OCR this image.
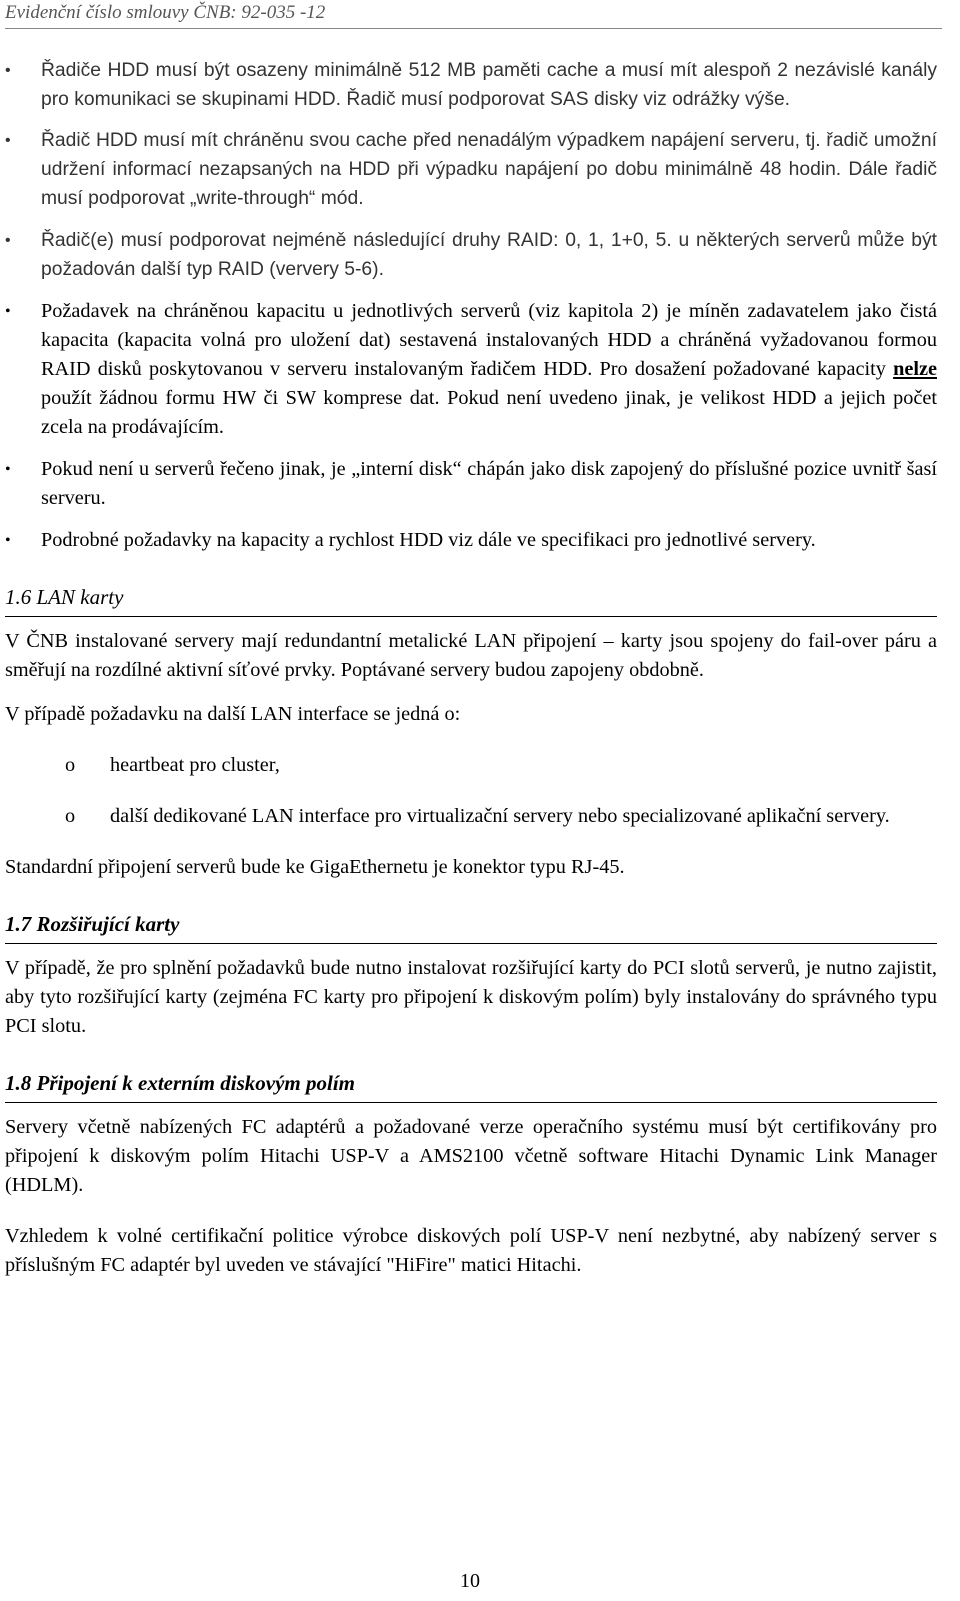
Evidenční číslo smlouvy ČNB: 92-035 -12
• Řadiče HDD musí být osazeny minimálně 512 MB paměti cache a musí mít alespoň 2 nezávislé kanály pro komunikaci se skupinami HDD. Řadič musí podporovat SAS disky viz odrážky výše.
• Řadič HDD musí mít chráněnu svou cache před nenadálým výpadkem napájení serveru, tj. řadič umožní udržení informací nezapsaných na HDD při výpadku napájení po dobu minimálně 48 hodin. Dále řadič musí podporovat „write-through“ mód.
• Řadič(e) musí podporovat nejméně následující druhy RAID: 0, 1, 1+0, 5. u některých serverů může být požadován další typ RAID (ververy 5-6).
• Požadavek na chráněnou kapacitu u jednotlivých serverů (viz kapitola 2) je míněn zadavatelem jako čistá kapacita (kapacita volná pro uložení dat) sestavená instalovaných HDD a chráněná vyžadovanou formou RAID disků poskytovanou v serveru instalovaným řadičem HDD. Pro dosažení požadované kapacity nelze použít žádnou formu HW či SW komprese dat. Pokud není uvedeno jinak, je velikost HDD a jejich počet zcela na prodávajícím.
• Pokud není u serverů řečeno jinak, je „interní disk“ chápán jako disk zapojený do příslušné pozice uvnitř šasí serveru.
• Podrobné požadavky na kapacity a rychlost HDD viz dále ve specifikaci pro jednotlivé servery.
1.6 LAN karty

V ČNB instalované servery mají redundantní metalické LAN připojení – karty jsou spojeny do fail-over páru a směřují na rozdílné aktivní síťové prvky. Poptávané servery budou zapojeny obdobně.

V případě požadavku na další LAN interface se jedná o:

o heartbeat pro cluster,
o další dedikované LAN interface pro virtualizační servery nebo specializované aplikační servery.

Standardní připojení serverů bude ke GigaEthernetu je konektor typu RJ-45.

1.7 Rozšiřující karty

V případě, že pro splnění požadavků bude nutno instalovat rozšiřující karty do PCI slotů serverů, je nutno zajistit, aby tyto rozšiřující karty (zejména FC karty pro připojení k diskovým polím) byly instalovány do správného typu PCI slotu.

1.8 Připojení k externím diskovým polím

Servery včetně nabízených FC adaptérů a požadované verze operačního systému musí být certifikovány pro připojení k diskovým polím Hitachi USP-V a AMS2100 včetně software Hitachi Dynamic Link Manager (HDLM).

Vzhledem k volné certifikační politice výrobce diskových polí USP-V není nezbytné, aby nabízený server s příslušným FC adaptér byl uveden ve stávající "HiFire" matici Hitachi.

10
